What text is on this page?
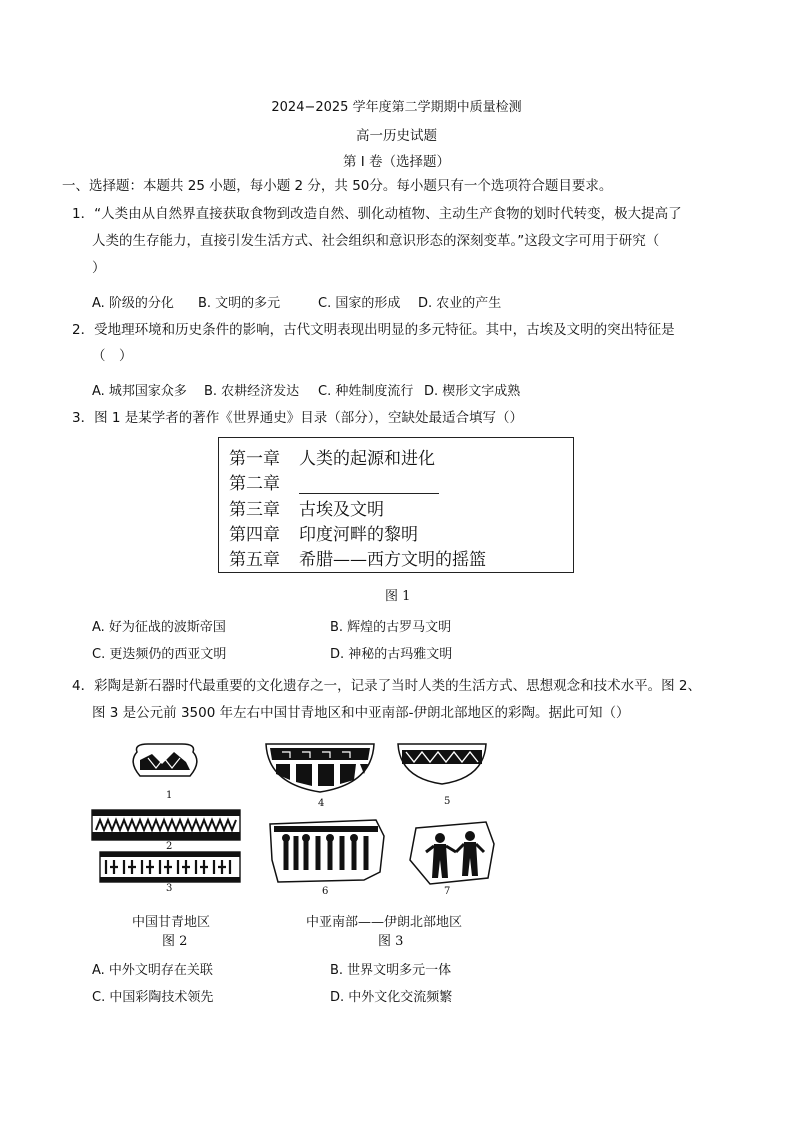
2024−2025 学年度第二学期期中质量检测
高一历史试题
第 I 卷（选择题）
一、选择题：本题共 25 小题，每小题 2 分，共 50分。每小题只有一个选项符合题目要求。
1．“人类由从自然界直接获取食物到改造自然、驯化动植物、主动生产食物的划时代转变，极大提高了
人类的生存能力，直接引发生活方式、社会组织和意识形态的深刻变革。”这段文字可用于研究（
）
A. 阶级的分化 B. 文明的多元	C. 国家的形成 D. 农业的产生
2．受地理环境和历史条件的影响，古代文明表现出明显的多元特征。其中，古埃及文明的突出特征是
（　）
A. 城邦国家众多 B. 农耕经济发达 C. 种姓制度流行 D. 楔形文字成熟
3．图 1 是某学者的著作《世界通史》目录（部分），空缺处最适合填写（）
第一章 人类的起源和进化
第二章
第三章 古埃及文明
第四章 印度河畔的黎明
第五章 希腊——西方文明的摇篮
图 1
A. 好为征战的波斯帝国	B. 辉煌的古罗马文明
C. 更迭频仍的西亚文明	D. 神秘的古玛雅文明
4．彩陶是新石器时代最重要的文化遗存之一，记录了当时人类的生活方式、思想观念和技术水平。图 2、
图 3 是公元前 3500 年左右中国甘青地区和中亚南部-伊朗北部地区的彩陶。据此可知（）
1
2
3
4	5
6	7
中国甘青地区
图 2
中亚南部——伊朗北部地区
图 3
A. 中外文明存在关联	B. 世界文明多元一体
C. 中国彩陶技术领先	D. 中外文化交流频繁
